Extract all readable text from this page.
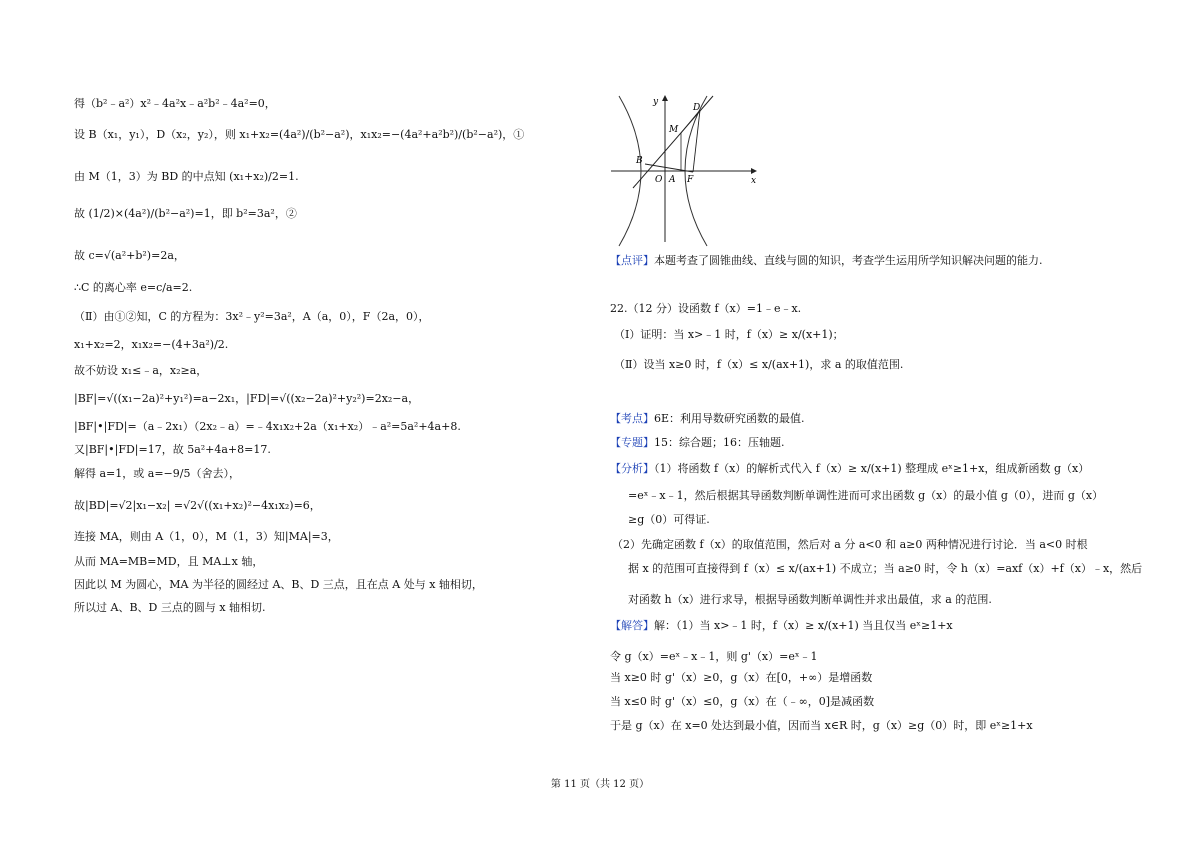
得（b²﹣a²）x²﹣4a²x﹣a²b²﹣4a²=0，
设 B（x₁，y₁），D（x₂，y₂），则 x₁+x₂=(4a²)/(b²−a²)，x₁x₂=−(4a²+a²b²)/(b²−a²)，①
由 M（1，3）为 BD 的中点知 (x₁+x₂)/2=1.
故 (1/2)×(4a²)/(b²−a²)=1，即 b²=3a²，②
故 c=√(a²+b²)=2a，
∴C 的离心率 e=c/a=2.
（Ⅱ）由①②知，C 的方程为：3x²﹣y²=3a²，A（a，0），F（2a，0），
x₁+x₂=2，x₁x₂=−(4+3a²)/2.
故不妨设 x₁≤﹣a，x₂≥a，
|BF|=√((x₁−2a)²+y₁²)=a−2x₁，|FD|=√((x₂−2a)²+y₂²)=2x₂−a，
|BF|•|FD|=（a﹣2x₁）（2x₂﹣a）=﹣4x₁x₂+2a（x₁+x₂）﹣a²=5a²+4a+8.
又|BF|•|FD|=17，故 5a²+4a+8=17.
解得 a=1，或 a=−9/5（舍去），
故|BD|=√2|x₁−x₂| =√2√((x₁+x₂)²−4x₁x₂)=6，
连接 MA，则由 A（1，0），M（1，3）知|MA|=3，
从而 MA=MB=MD，且 MA⊥x 轴，
因此以 M 为圆心，MA 为半径的圆经过 A、B、D 三点，且在点 A 处与 x 轴相切，
所以过 A、B、D 三点的圆与 x 轴相切.
y
x
O A F
B
M
D
【点评】本题考查了圆锥曲线、直线与圆的知识，考查学生运用所学知识解决问题的能力.
22.（12 分）设函数 f（x）=1﹣e﹣x.
（Ⅰ）证明：当 x>﹣1 时，f（x）≥ x/(x+1)；
（Ⅱ）设当 x≥0 时，f（x）≤ x/(ax+1)，求 a 的取值范围.
【考点】6E：利用导数研究函数的最值.
【专题】15：综合题；16：压轴题.
【分析】（1）将函数 f（x）的解析式代入 f（x）≥ x/(x+1) 整理成 eˣ≥1+x，组成新函数 g（x）
=eˣ﹣x﹣1，然后根据其导函数判断单调性进而可求出函数 g（x）的最小值 g（0），进而 g（x）
≥g（0）可得证.
（2）先确定函数 f（x）的取值范围，然后对 a 分 a<0 和 a≥0 两种情况进行讨论．当 a<0 时根
据 x 的范围可直接得到 f（x）≤ x/(ax+1) 不成立；当 a≥0 时，令 h（x）=axf（x）+f（x）﹣x，然后
对函数 h（x）进行求导，根据导函数判断单调性并求出最值，求 a 的范围.
【解答】解：（1）当 x>﹣1 时，f（x）≥ x/(x+1) 当且仅当 eˣ≥1+x
令 g（x）=eˣ﹣x﹣1，则 g'（x）=eˣ﹣1
当 x≥0 时 g'（x）≥0，g（x）在[0，+∞）是增函数
当 x≤0 时 g'（x）≤0，g（x）在（﹣∞，0]是减函数
于是 g（x）在 x=0 处达到最小值，因而当 x∈R 时，g（x）≥g（0）时，即 eˣ≥1+x
第 11 页（共 12 页）
